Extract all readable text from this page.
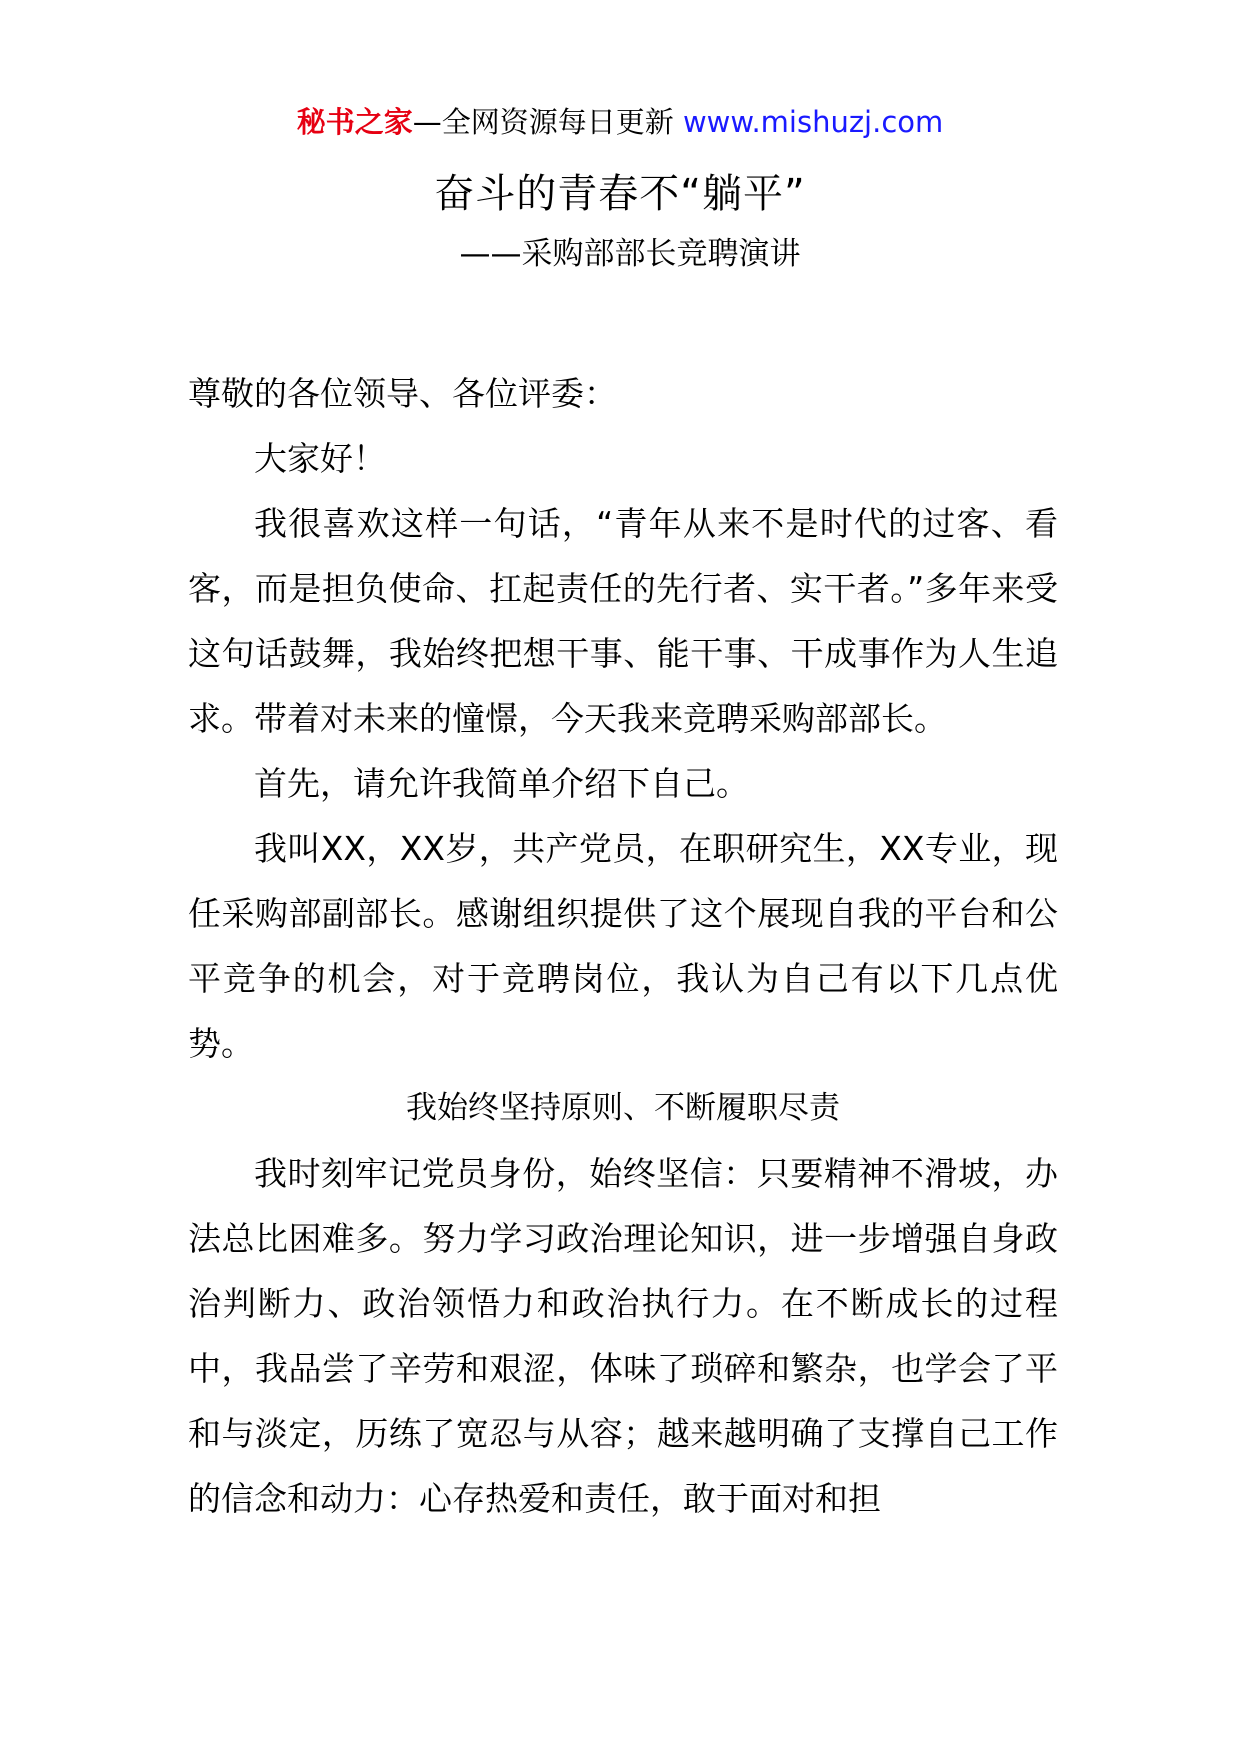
秘书之家—全网资源每日更新 www.mishuzj.com
奋斗的青春不“躺平”
——采购部部长竞聘演讲

尊敬的各位领导、各位评委：

大家好！

我很喜欢这样一句话，“青年从来不是时代的过客、看客，而是担负使命、扛起责任的先行者、实干者。”多年来受这句话鼓舞，我始终把想干事、能干事、干成事作为人生追求。带着对未来的憧憬，今天我来竞聘采购部部长。

首先，请允许我简单介绍下自己。

我叫XX，XX岁，共产党员，在职研究生，XX专业，现任采购部副部长。感谢组织提供了这个展现自我的平台和公平竞争的机会，对于竞聘岗位，我认为自己有以下几点优势。

我始终坚持原则、不断履职尽责

我时刻牢记党员身份，始终坚信：只要精神不滑坡，办法总比困难多。努力学习政治理论知识，进一步增强自身政治判断力、政治领悟力和政治执行力。在不断成长的过程中，我品尝了辛劳和艰涩，体味了琐碎和繁杂，也学会了平和与淡定，历练了宽忍与从容；越来越明确了支撑自己工作的信念和动力：心存热爱和责任，敢于面对和担
